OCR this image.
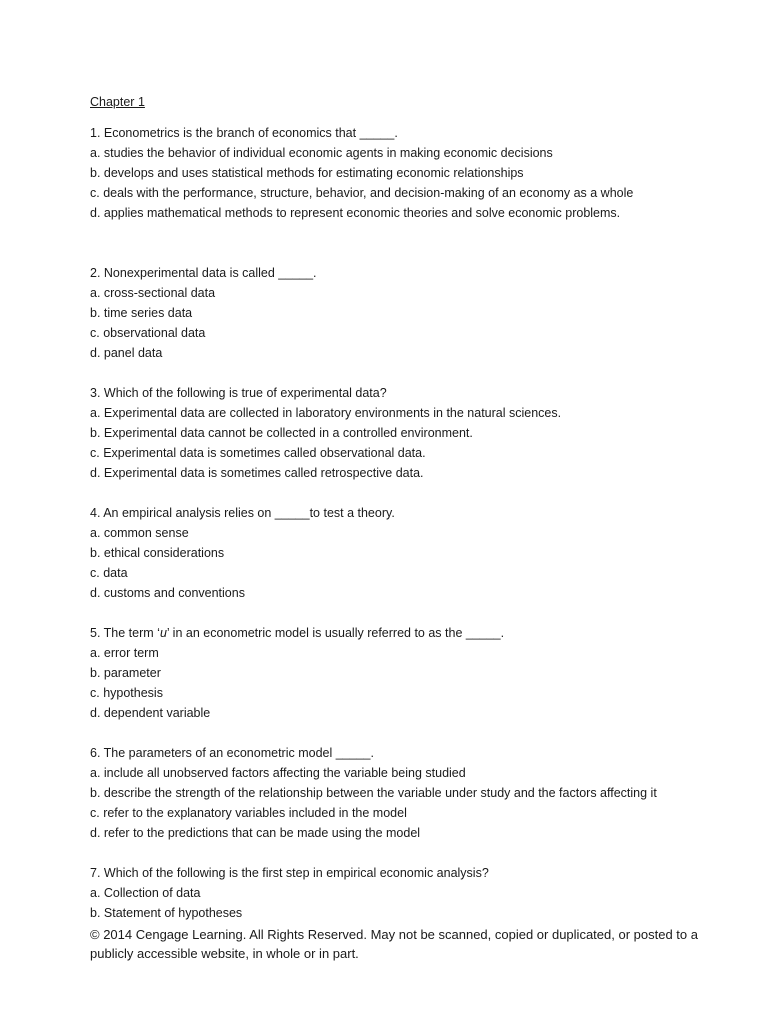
Chapter 1
1. Econometrics is the branch of economics that _____.
a. studies the behavior of individual economic agents in making economic decisions
b. develops and uses statistical methods for estimating economic relationships
c. deals with the performance, structure, behavior, and decision-making of an economy as a whole
d. applies mathematical methods to represent economic theories and solve economic problems.
2. Nonexperimental data is called _____.
a. cross-sectional data
b. time series data
c. observational data
d. panel data
3. Which of the following is true of experimental data?
a. Experimental data are collected in laboratory environments in the natural sciences.
b. Experimental data cannot be collected in a controlled environment.
c. Experimental data is sometimes called observational data.
d. Experimental data is sometimes called retrospective data.
4. An empirical analysis relies on _____to test a theory.
a. common sense
b. ethical considerations
c. data
d. customs and conventions
5. The term ‘u’ in an econometric model is usually referred to as the _____.
a. error term
b. parameter
c. hypothesis
d. dependent variable
6. The parameters of an econometric model _____.
a. include all unobserved factors affecting the variable being studied
b. describe the strength of the relationship between the variable under study and the factors affecting it
c. refer to the explanatory variables included in the model
d. refer to the predictions that can be made using the model
7. Which of the following is the first step in empirical economic analysis?
a. Collection of data
b. Statement of hypotheses
© 2014 Cengage Learning. All Rights Reserved. May not be scanned, copied or duplicated, or posted to a
publicly accessible website, in whole or in part.
